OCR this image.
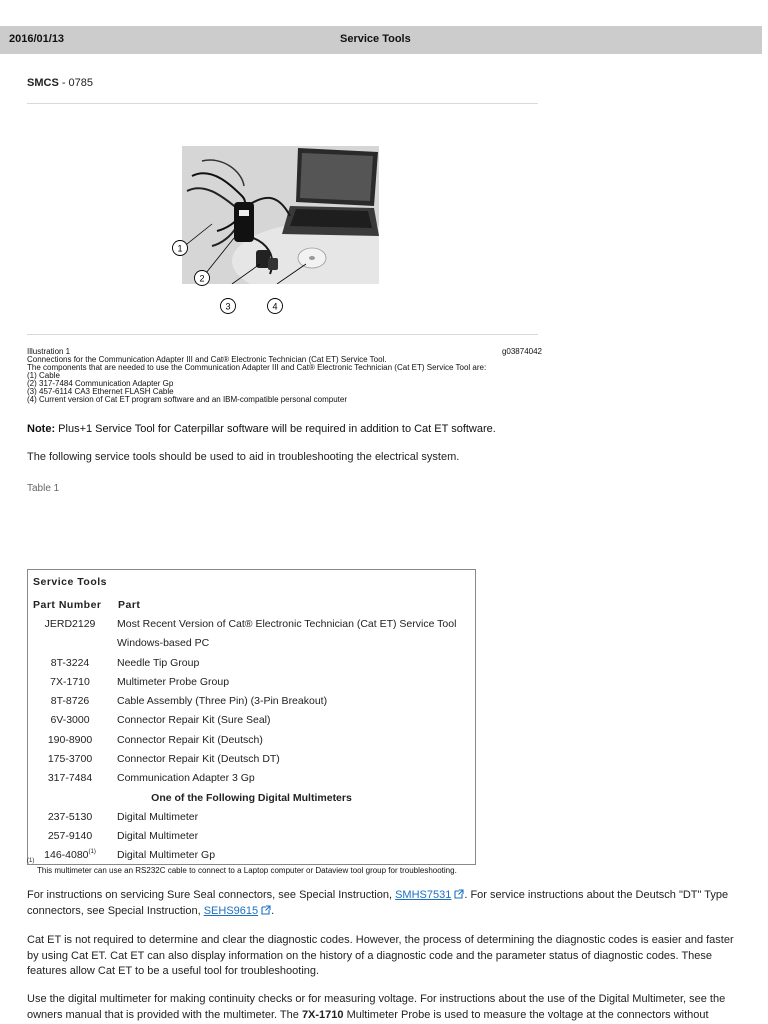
2016/01/13	Service Tools
SMCS - 0785
1
2
3	4
Illustration 1	g03874042
Connections for the Communication Adapter III and Cat® Electronic Technician (Cat ET) Service Tool.
The components that are needed to use the Communication Adapter III and Cat® Electronic Technician (Cat ET) Service Tool are:
(1) Cable
(2) 317-7484 Communication Adapter Gp
(3) 457-6114 CA3 Ethernet FLASH Cable
(4) Current version of Cat ET program software and an IBM-compatible personal computer
Note: Plus+1 Service Tool for Caterpillar software will be required in addition to Cat ET software.
The following service tools should be used to aid in troubleshooting the electrical system.
Table 1
Service Tools
Part Number Part
JERD2129	Most Recent Version of Cat® Electronic Technician (Cat ET) Service Tool
Windows-based PC
8T-3224	Needle Tip Group
7X-1710	Multimeter Probe Group
8T-8726	Cable Assembly (Three Pin) (3-Pin Breakout)
6V-3000	Connector Repair Kit (Sure Seal)
190-8900	Connector Repair Kit (Deutsch)
175-3700	Connector Repair Kit (Deutsch DT)
317-7484	Communication Adapter 3 Gp
One of the Following Digital Multimeters
237-5130	Digital Multimeter
257-9140	Digital Multimeter
146-4080$^{(1)}$	Digital Multimeter Gp
(1)
This multimeter can use an RS232C cable to connect to a Laptop computer or Dataview tool group for troubleshooting.
For instructions on servicing Sure Seal connectors, see Special Instruction, SMHS7531 . For service instructions about the Deutsch "DT" Type connectors, see Special Instruction, SEHS9615 .
Cat ET is not required to determine and clear the diagnostic codes. However, the process of determining the diagnostic codes is easier and faster by using Cat ET. Cat ET can also display information on the history of a diagnostic code and the parameter status of diagnostic codes. These features allow Cat ET to be a useful tool for troubleshooting.
Use the digital multimeter for making continuity checks or for measuring voltage. For instructions about the use of the Digital Multimeter, see the owners manual that is provided with the multimeter. The 7X-1710 Multimeter Probe is used to measure the voltage at the connectors without
